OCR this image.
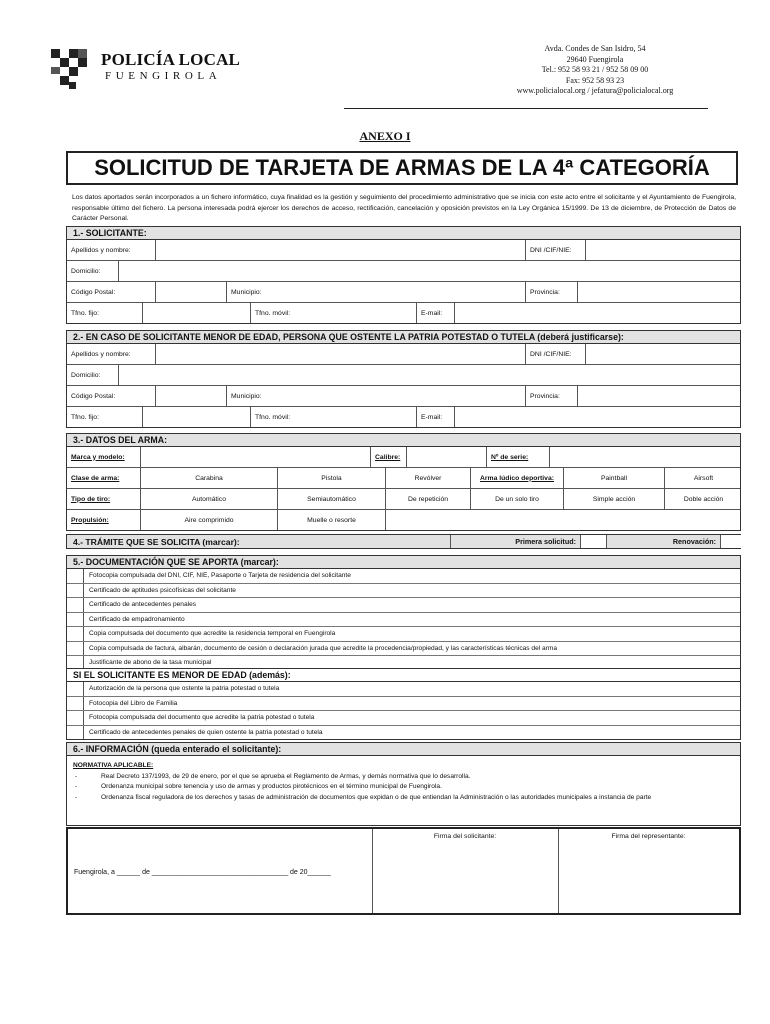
POLICÍA LOCAL
FUENGIROLA
Avda. Condes de San Isidro, 54
29640 Fuengirola
Tel.: 952 58 93 21 / 952 58 09 00
Fax: 952 58 93 23
www.policialocal.org / jefatura@policialocal.org
ANEXO I
SOLICITUD DE TARJETA DE ARMAS DE LA 4ª CATEGORÍA
Los datos aportados serán incorporados a un fichero informático, cuya finalidad es la gestión y seguimiento del procedimiento administrativo que se inicia con este acto entre el solicitante y el Ayuntamiento de Fuengirola, responsable último del fichero. La persona interesada podrá ejercer los derechos de acceso, rectificación, cancelación y oposición previstos en la Ley Orgánica 15/1999. De 13 de diciembre, de Protección de Datos de Carácter Personal.
1.- SOLICITANTE:
Apellidos y nombre:	DNI /CIF/NIE:
Domicilio:
Código Postal:	Municipio:	Provincia:
Tfno. fijo:	Tfno. móvil:	E-mail:
2.- EN CASO DE SOLICITANTE MENOR DE EDAD, PERSONA QUE OSTENTE LA PATRIA POTESTAD O TUTELA (deberá justificarse):
Apellidos y nombre:	DNI /CIF/NIE:
Domicilio:
Código Postal:	Municipio:	Provincia:
Tfno. fijo:	Tfno. móvil:	E-mail:
3.- DATOS DEL ARMA:
Marca y modelo:	Calibre:	Nº de serie:
Clase de arma:	Carabina	Pistola	Revólver	Arma lúdico deportiva:	Paintball	Airsoft
Tipo de tiro:	Automático	Semiautomático	De repetición	De un solo tiro	Simple acción	Doble acción
Propulsión:	Aire comprimido	Muelle o resorte
4.- TRÁMITE QUE SE SOLICITA (marcar):	Primera solicitud:	Renovación:
5.- DOCUMENTACIÓN QUE SE APORTA (marcar):
Fotocopia compulsada del DNI, CIF, NIE, Pasaporte o Tarjeta de residencia del solicitante
Certificado de aptitudes psicofísicas del solicitante
Certificado de antecedentes penales
Certificado de empadronamiento
Copia compulsada del documento que acredite la residencia temporal en Fuengirola
Copia compulsada de factura, albarán, documento de cesión o declaración jurada que acredite la procedencia/propiedad, y las características técnicas del arma
Justificante de abono de la tasa municipal
SI EL SOLICITANTE ES MENOR DE EDAD (además):
Autorización de la persona que ostente la patria potestad o tutela
Fotocopia del Libro de Familia
Fotocopia compulsada del documento que acredite la patria potestad o tutela
Certificado de antecedentes penales de quien ostente la patria potestad o tutela
6.- INFORMACIÓN (queda enterado el solicitante):
NORMATIVA APLICABLE:
-	Real Decreto 137/1993, de 29 de enero, por el que se aprueba el Reglamento de Armas, y demás normativa que lo desarrolla.
-	Ordenanza municipal sobre tenencia y uso de armas y productos pirotécnicos en el término municipal de Fuengirola.
-	Ordenanza fiscal reguladora de los derechos y tasas de administración de documentos que expidan o de que entiendan la Administración o las autoridades municipales a instancia de parte
Fuengirola, a ______ de ___________________________________ de 20______
Firma del solicitante:	Firma del representante:
